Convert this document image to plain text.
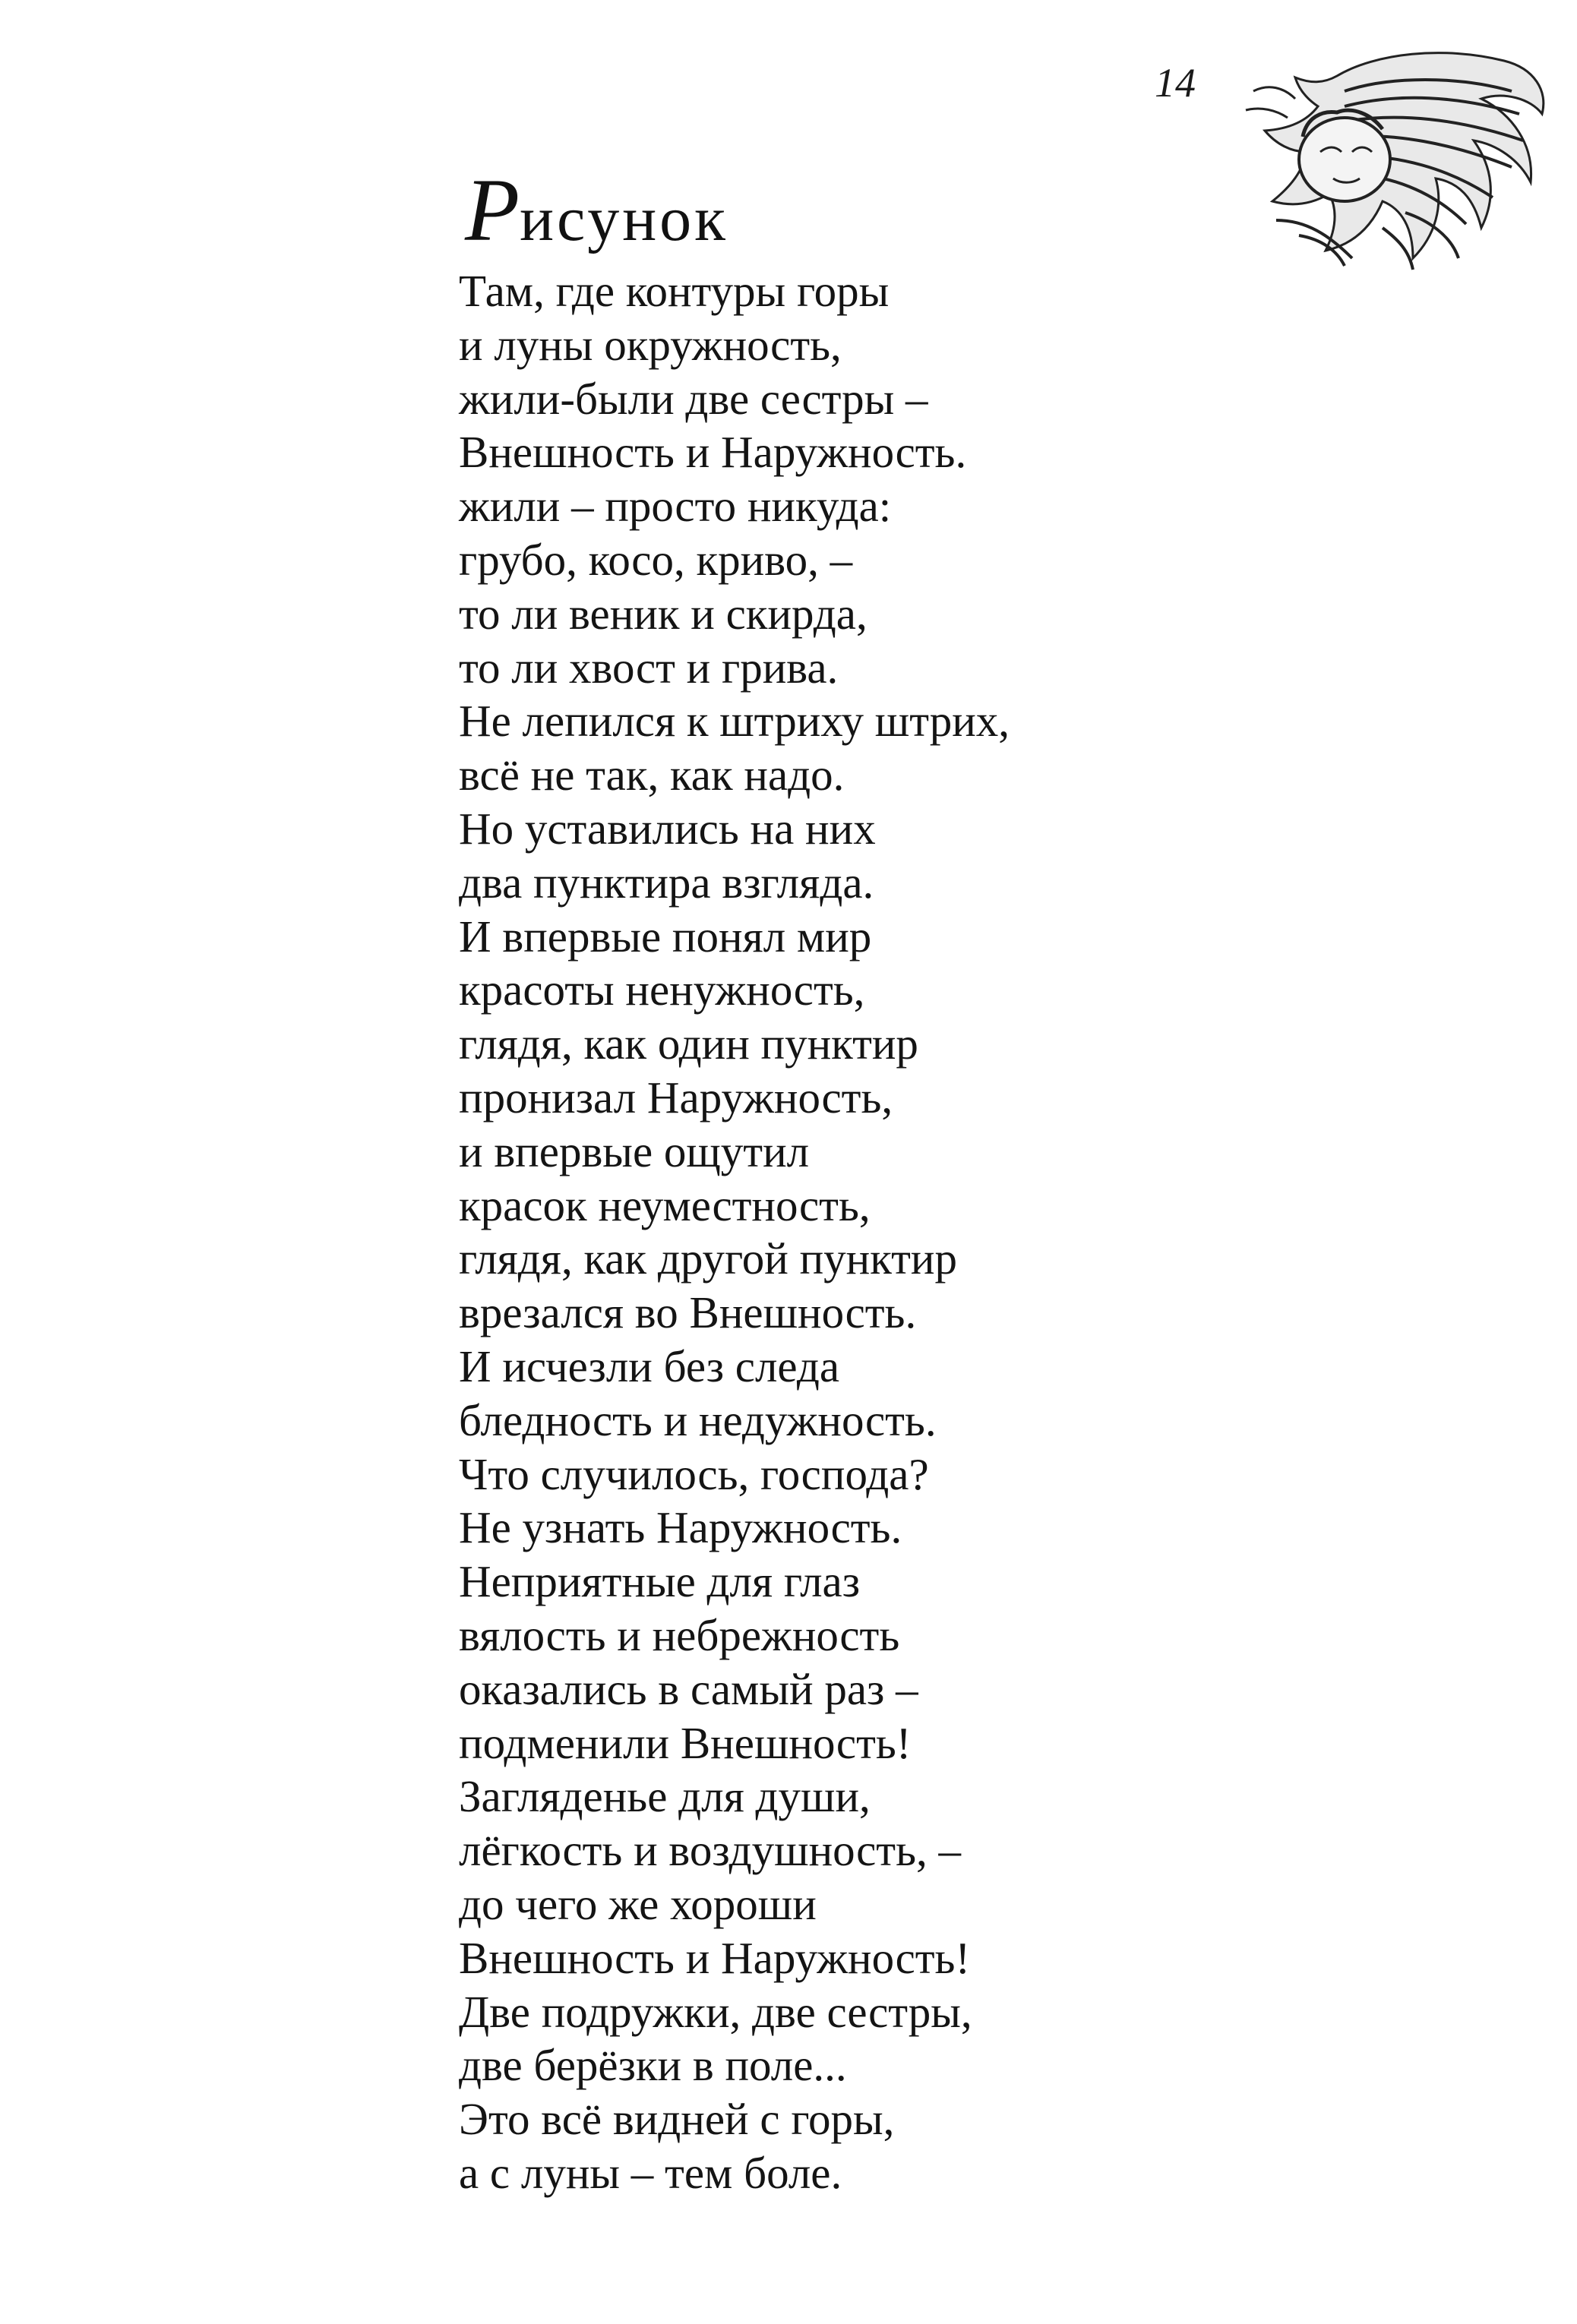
14
Рисунок
Там, где контуры горы
и луны окружность,
жили-были две сестры –
Внешность и Наружность.
жили – просто никуда:
грубо, косо, криво, –
то ли веник и скирда,
то ли хвост и грива.
Не лепился к штриху штрих,
всё не так, как надо.
Но уставились на них
два пунктира взгляда.
И впервые понял мир
красоты ненужность,
глядя, как один пунктир
пронизал Наружность,
и впервые ощутил
красок неуместность,
глядя, как другой пунктир
врезался во Внешность.
И исчезли без следа
бледность и недужность.
Что случилось, господа?
Не узнать Наружность.
Неприятные для глаз
вялость и небрежность
оказались в самый раз –
подменили Внешность!
Загляденье для души,
лёгкость и воздушность, –
до чего же хороши
Внешность и Наружность!
Две подружки, две сестры,
две берёзки в поле...
Это всё видней с горы,
а с луны – тем боле.
